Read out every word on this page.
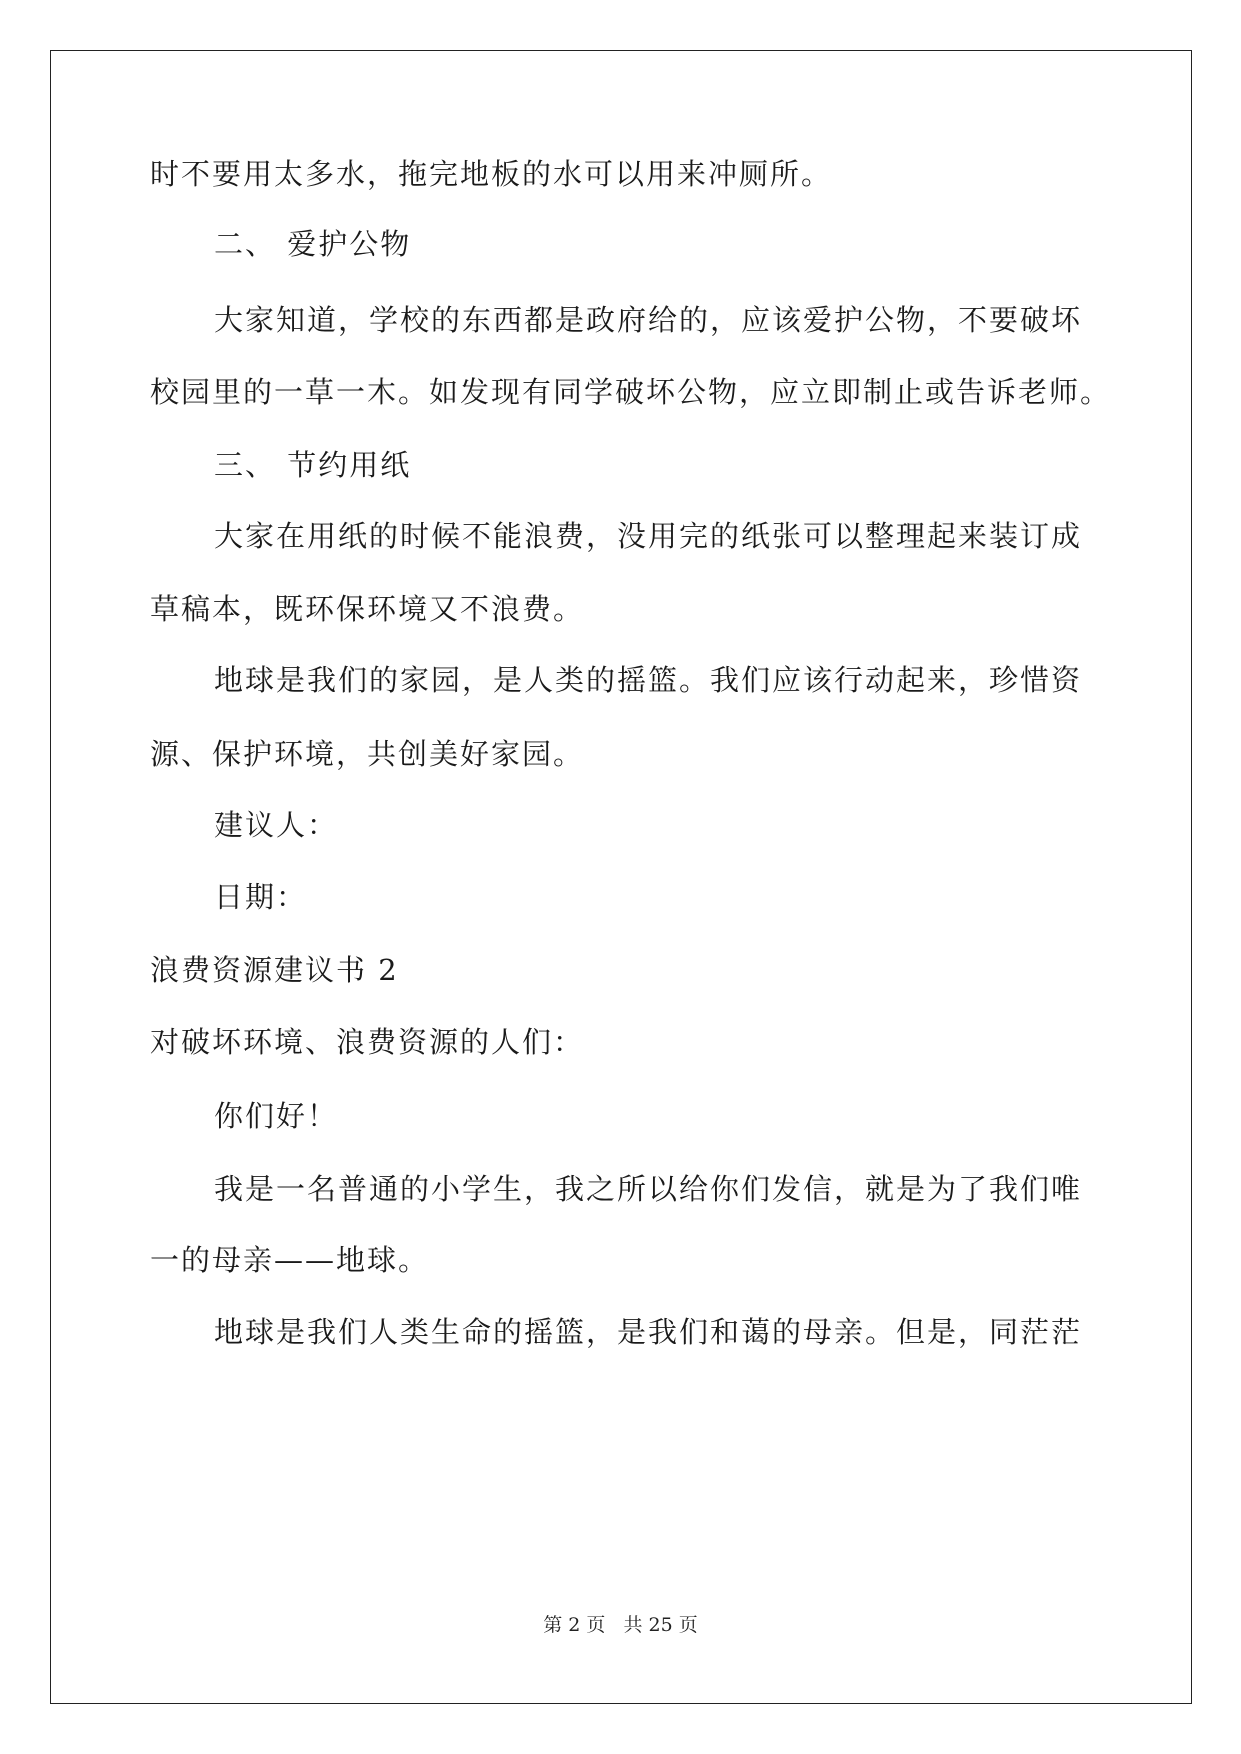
时不要用太多水，拖完地板的水可以用来冲厕所。
二、 爱护公物
大家知道，学校的东西都是政府给的，应该爱护公物，不要破坏
校园里的一草一木。如发现有同学破坏公物，应立即制止或告诉老师。
三、 节约用纸
大家在用纸的时候不能浪费，没用完的纸张可以整理起来装订成
草稿本，既环保环境又不浪费。
地球是我们的家园，是人类的摇篮。我们应该行动起来，珍惜资
源、保护环境，共创美好家园。
建议人：
日期：
浪费资源建议书 2
对破坏环境、浪费资源的人们：
你们好！
我是一名普通的小学生，我之所以给你们发信，就是为了我们唯
一的母亲——地球。
地球是我们人类生命的摇篮，是我们和蔼的母亲。但是，同茫茫
第 2 页 共 25 页
